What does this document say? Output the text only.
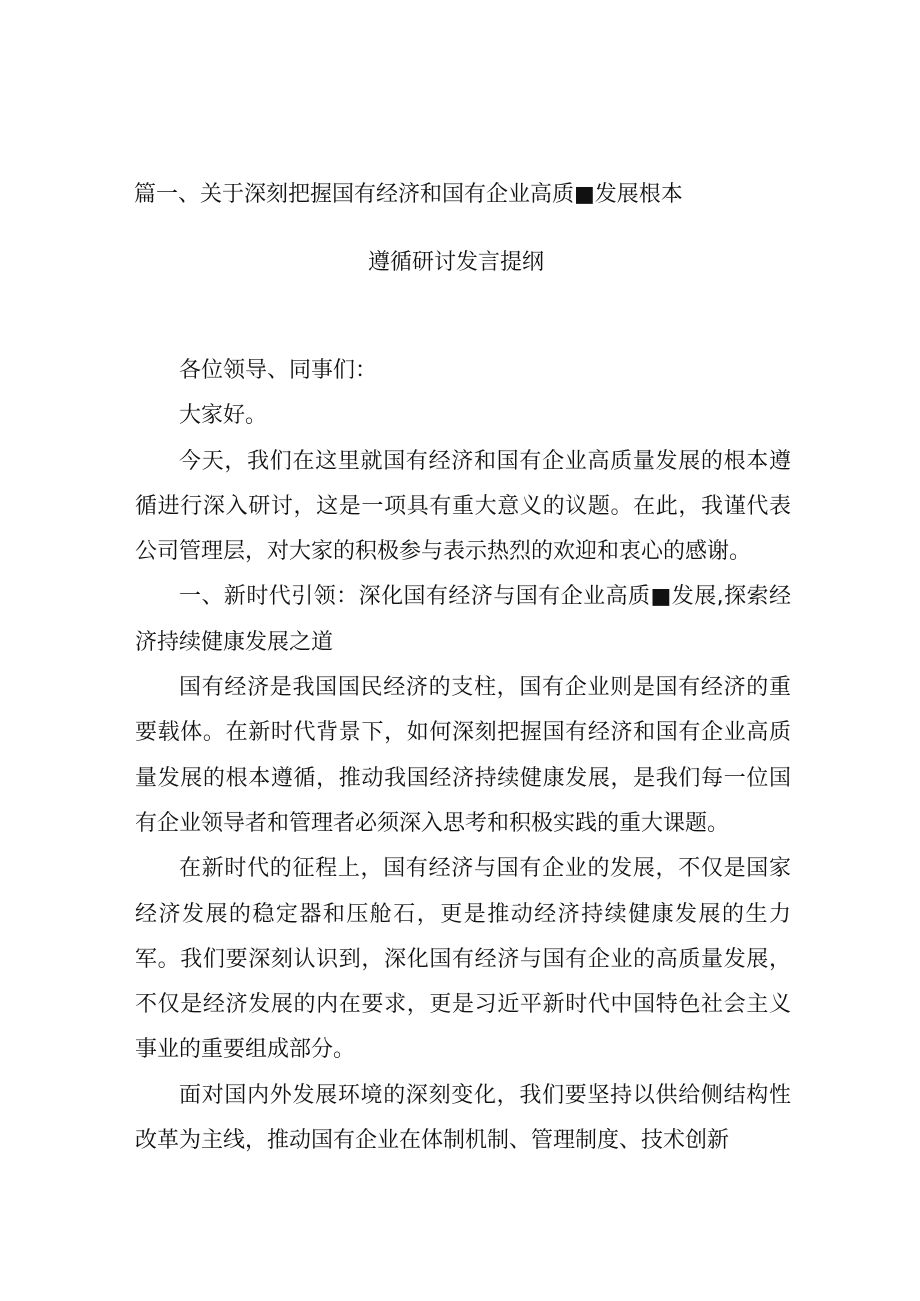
篇一、关于深刻把握国有经济和国有企业高质■发展根本
遵循研讨发言提纲

各位领导、同事们：

大家好。

今天，我们在这里就国有经济和国有企业高质量发展的根本遵循进行深入研讨，这是一项具有重大意义的议题。在此，我谨代表公司管理层，对大家的积极参与表示热烈的欢迎和衷心的感谢。

一、新时代引领：深化国有经济与国有企业高质■发展,探索经济持续健康发展之道

国有经济是我国国民经济的支柱，国有企业则是国有经济的重要载体。在新时代背景下，如何深刻把握国有经济和国有企业高质量发展的根本遵循，推动我国经济持续健康发展，是我们每一位国有企业领导者和管理者必须深入思考和积极实践的重大课题。

在新时代的征程上，国有经济与国有企业的发展，不仅是国家经济发展的稳定器和压舱石，更是推动经济持续健康发展的生力军。我们要深刻认识到，深化国有经济与国有企业的高质量发展，不仅是经济发展的内在要求，更是习近平新时代中国特色社会主义事业的重要组成部分。

面对国内外发展环境的深刻变化，我们要坚持以供给侧结构性改革为主线，推动国有企业在体制机制、管理制度、技术创新
